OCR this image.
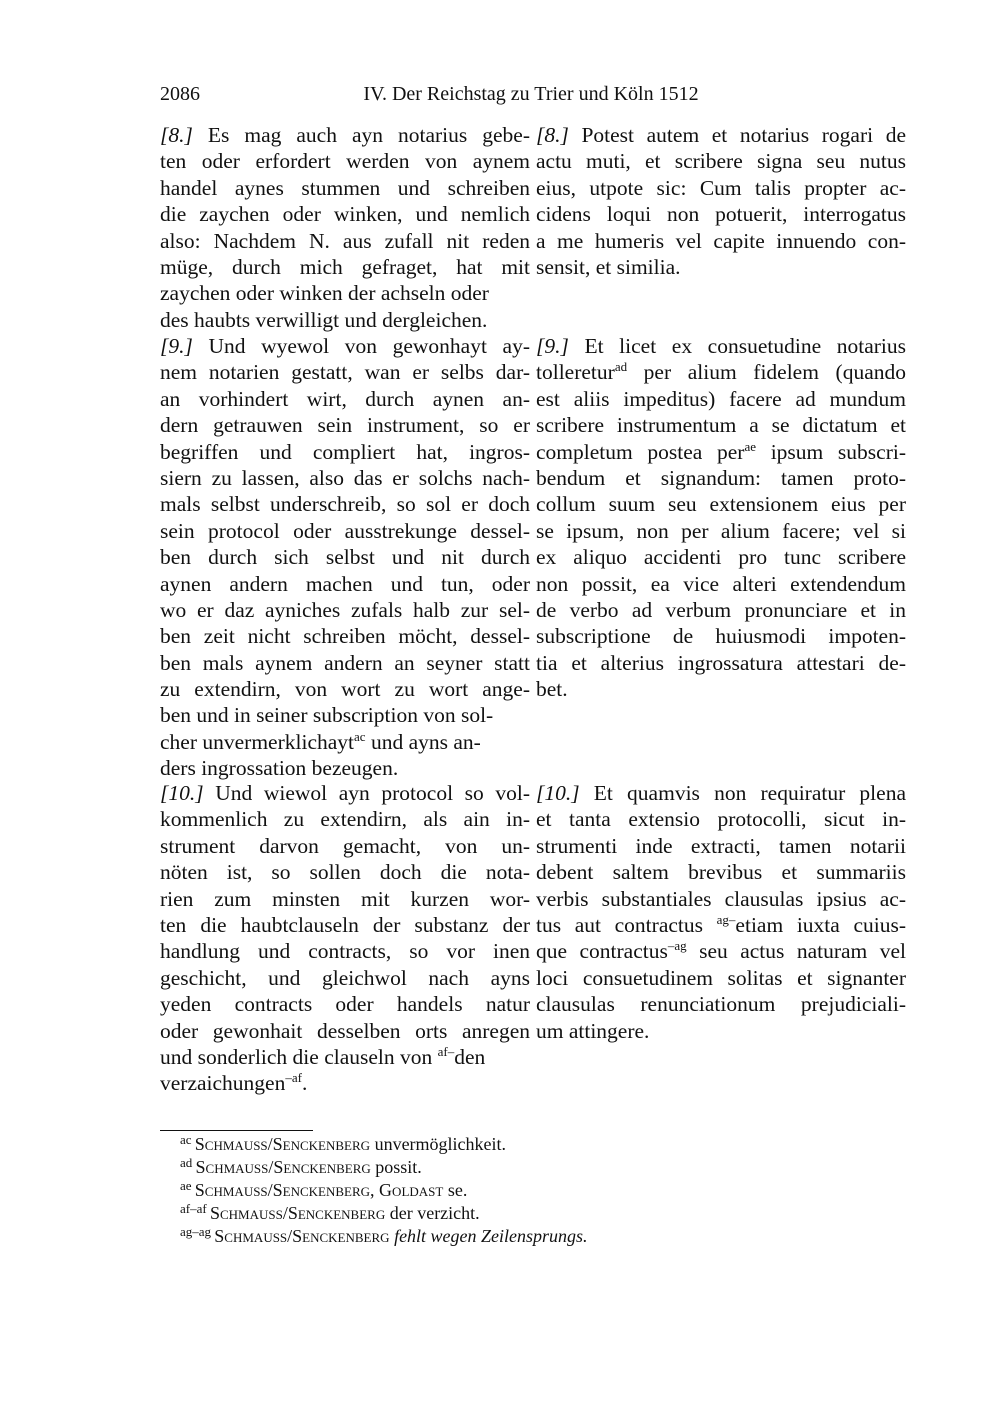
2086	IV. Der Reichstag zu Trier und Köln 1512
[8.] Es mag auch ayn notarius gebe-
ten oder erfordert werden von aynem
handel aynes stummen und schreiben
die zaychen oder winken, und nemlich
also: Nachdem N. aus zufall nit reden
müge, durch mich gefraget, hat mit
zaychen oder winken der achseln oder
des haubts verwilligt und dergleichen.
[8.] Potest autem et notarius rogari de
actu muti, et scribere signa seu nutus
eius, utpote sic: Cum talis propter ac-
cidens loqui non potuerit, interrogatus
a me humeris vel capite innuendo con-
sensit, et similia.
[9.] Und wyewol von gewonhayt ay-
nem notarien gestatt, wan er selbs dar-
an vorhindert wirt, durch aynen an-
dern getrauwen sein instrument, so er
begriffen und compliert hat, ingros-
siern zu lassen, also das er solchs nach-
mals selbst underschreib, so sol er doch
sein protocol oder ausstrekunge dessel-
ben durch sich selbst und nit durch
aynen andern machen und tun, oder
wo er daz ayniches zufals halb zur sel-
ben zeit nicht schreiben möcht, dessel-
ben mals aynem andern an seyner statt
zu extendirn, von wort zu wort ange-
ben und in seiner subscription von sol-
cher unvermerklichayt$^{ac}$ und ayns an-
ders ingrossation bezeugen.
[9.] Et licet ex consuetudine notarius
tolleretur$^{ad}$ per alium fidelem (quando
est aliis impeditus) facere ad mundum
scribere instrumentum a se dictatum et
completum postea per$^{ae}$ ipsum subscri-
bendum et signandum: tamen proto-
collum suum seu extensionem eius per
se ipsum, non per alium facere; vel si
ex aliquo accidenti pro tunc scribere
non possit, ea vice alteri extendendum
de verbo ad verbum pronunciare et in
subscriptione de huiusmodi impoten-
tia et alterius ingrossatura attestari de-
bet.
[10.] Und wiewol ayn protocol so vol-
kommenlich zu extendirn, als ain in-
strument darvon gemacht, von un-
nöten ist, so sollen doch die nota-
rien zum minsten mit kurzen wor-
ten die haubtclauseln der substanz der
handlung und contracts, so vor inen
geschicht, und gleichwol nach ayns
yeden contracts oder handels natur
oder gewonhait desselben orts anregen
und sonderlich die clauseln von $^{af-}$den
verzaichungen$^{-af}$.
[10.] Et quamvis non requiratur plena
et tanta extensio protocolli, sicut in-
strumenti inde extracti, tamen notarii
debent saltem brevibus et summariis
verbis substantiales clausulas ipsius ac-
tus aut contractus $^{ag-}$etiam iuxta cuius-
que contractus$^{-ag}$ seu actus naturam vel
loci consuetudinem solitas et signanter
clausulas renunciationum prejudiciali-
um attingere.
$^{ac}$ Schmauss/Senckenberg unvermöglichkeit.
$^{ad}$ Schmauss/Senckenberg possit.
$^{ae}$ Schmauss/Senckenberg, Goldast se.
$^{af-af}$ Schmauss/Senckenberg der verzicht.
$^{ag-ag}$ Schmauss/Senckenberg fehlt wegen Zeilensprungs.
